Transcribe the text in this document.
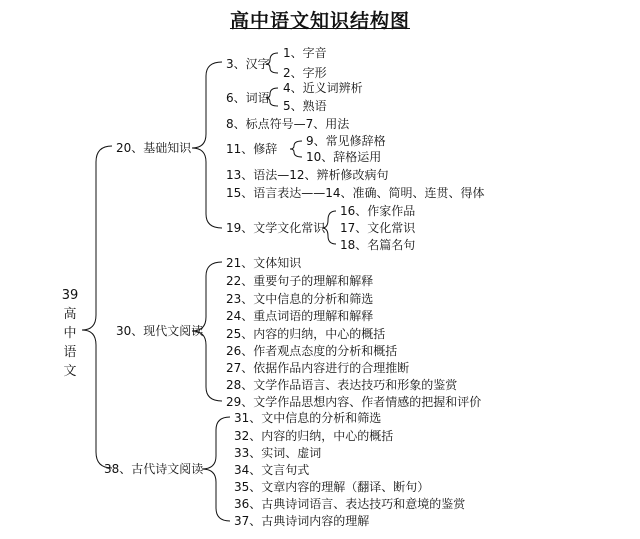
高中语文知识结构图
39
高
中
语
文
20、基础知识
30、现代文阅读
38、古代诗文阅读
3、汉字
1、字音
2、字形
6、词语
4、近义词辨析
5、熟语
8、标点符号—7、用法
11、修辞
9、常见修辞格
10、辞格运用
13、语法—12、辨析修改病句
15、语言表达——14、准确、简明、连贯、得体
19、文学文化常识
16、作家作品
17、文化常识
18、名篇名句
21、文体知识
22、重要句子的理解和解释
23、文中信息的分析和筛选
24、重点词语的理解和解释
25、内容的归纳，中心的概括
26、作者观点态度的分析和概括
27、依据作品内容进行的合理推断
28、文学作品语言、表达技巧和形象的鉴赏
29、文学作品思想内容、作者情感的把握和评价
31、文中信息的分析和筛选
32、内容的归纳，中心的概括
33、实词、虚词
34、文言句式
35、文章内容的理解（翻译、断句）
36、古典诗词语言、表达技巧和意境的鉴赏
37、古典诗词内容的理解
